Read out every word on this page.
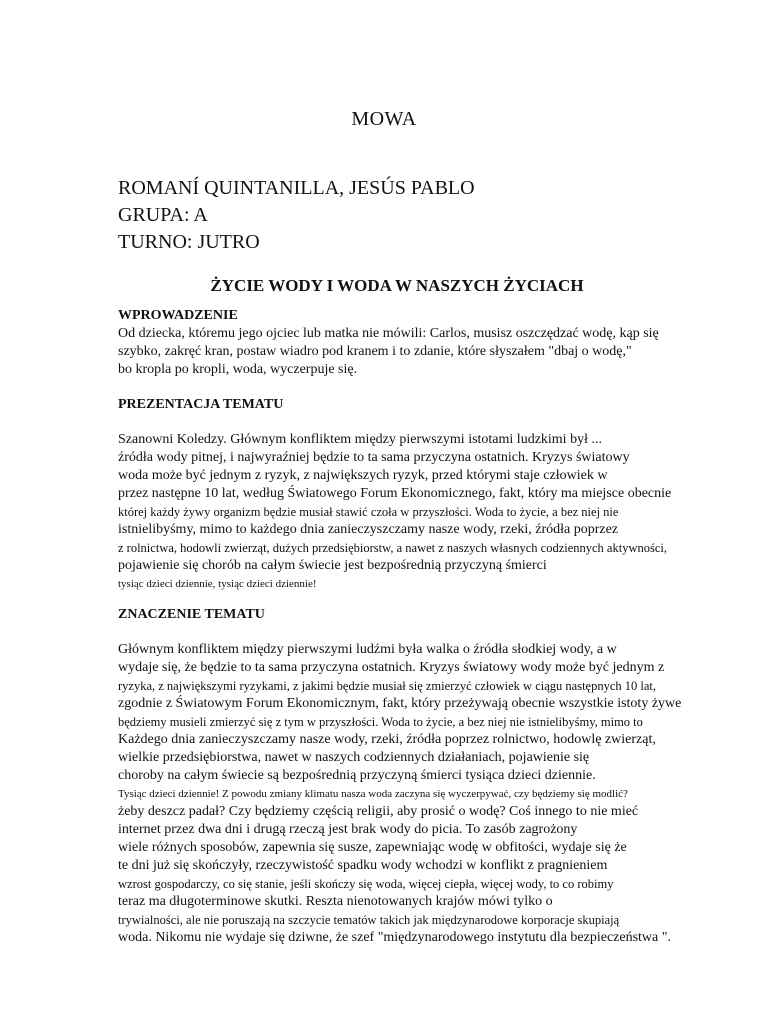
MOWA
ROMANÍ QUINTANILLA, JESÚS PABLO
GRUPA: A
TURNO: JUTRO
ŻYCIE WODY I WODA W NASZYCH ŻYCIACH
WPROWADZENIE
Od dziecka, któremu jego ojciec lub matka nie mówili: Carlos, musisz oszczędzać wodę, kąp się
szybko, zakręć kran, postaw wiadro pod kranem i to zdanie, które słyszałem "dbaj o wodę,"
bo kropla po kropli, woda, wyczerpuje się.
PREZENTACJA TEMATU
Szanowni Koledzy. Głównym konfliktem między pierwszymi istotami ludzkimi był ...
źródła wody pitnej, i najwyraźniej będzie to ta sama przyczyna ostatnich. Kryzys światowy
woda może być jednym z ryzyk, z największych ryzyk, przed którymi staje człowiek w
przez następne 10 lat, według Światowego Forum Ekonomicznego, fakt, który ma miejsce obecnie
której każdy żywy organizm będzie musiał stawić czoła w przyszłości. Woda to życie, a bez niej nie
istnielibyśmy, mimo to każdego dnia zanieczyszczamy nasze wody, rzeki, źródła poprzez
z rolnictwa, hodowli zwierząt, dużych przedsiębiorstw, a nawet z naszych własnych codziennych aktywności,
pojawienie się chorób na całym świecie jest bezpośrednią przyczyną śmierci
tysiąc dzieci dziennie, tysiąc dzieci dziennie!
ZNACZENIE TEMATU
Głównym konfliktem między pierwszymi ludźmi była walka o źródła słodkiej wody, a w
wydaje się, że będzie to ta sama przyczyna ostatnich. Kryzys światowy wody może być jednym z
ryzyka, z największymi ryzykami, z jakimi będzie musiał się zmierzyć człowiek w ciągu następnych 10 lat,
zgodnie z Światowym Forum Ekonomicznym, fakt, który przeżywają obecnie wszystkie istoty żywe
będziemy musieli zmierzyć się z tym w przyszłości. Woda to życie, a bez niej nie istnielibyśmy, mimo to
Każdego dnia zanieczyszczamy nasze wody, rzeki, źródła poprzez rolnictwo, hodowlę zwierząt,
wielkie przedsiębiorstwa, nawet w naszych codziennych działaniach, pojawienie się
choroby na całym świecie są bezpośrednią przyczyną śmierci tysiąca dzieci dziennie.
Tysiąc dzieci dziennie! Z powodu zmiany klimatu nasza woda zaczyna się wyczerpywać, czy będziemy się modlić?
żeby deszcz padał? Czy będziemy częścią religii, aby prosić o wodę? Coś innego to nie mieć
internet przez dwa dni i drugą rzeczą jest brak wody do picia. To zasób zagrożony
wiele różnych sposobów, zapewnia się susze, zapewniając wodę w obfitości, wydaje się że
te dni już się skończyły, rzeczywistość spadku wody wchodzi w konflikt z pragnieniem
wzrost gospodarczy, co się stanie, jeśli skończy się woda, więcej ciepła, więcej wody, to co robimy
teraz ma długoterminowe skutki. Reszta nienotowanych krajów mówi tylko o
trywialności, ale nie poruszają na szczycie tematów takich jak międzynarodowe korporacje skupiają
woda. Nikomu nie wydaje się dziwne, że szef "międzynarodowego instytutu dla bezpieczeństwa ".
